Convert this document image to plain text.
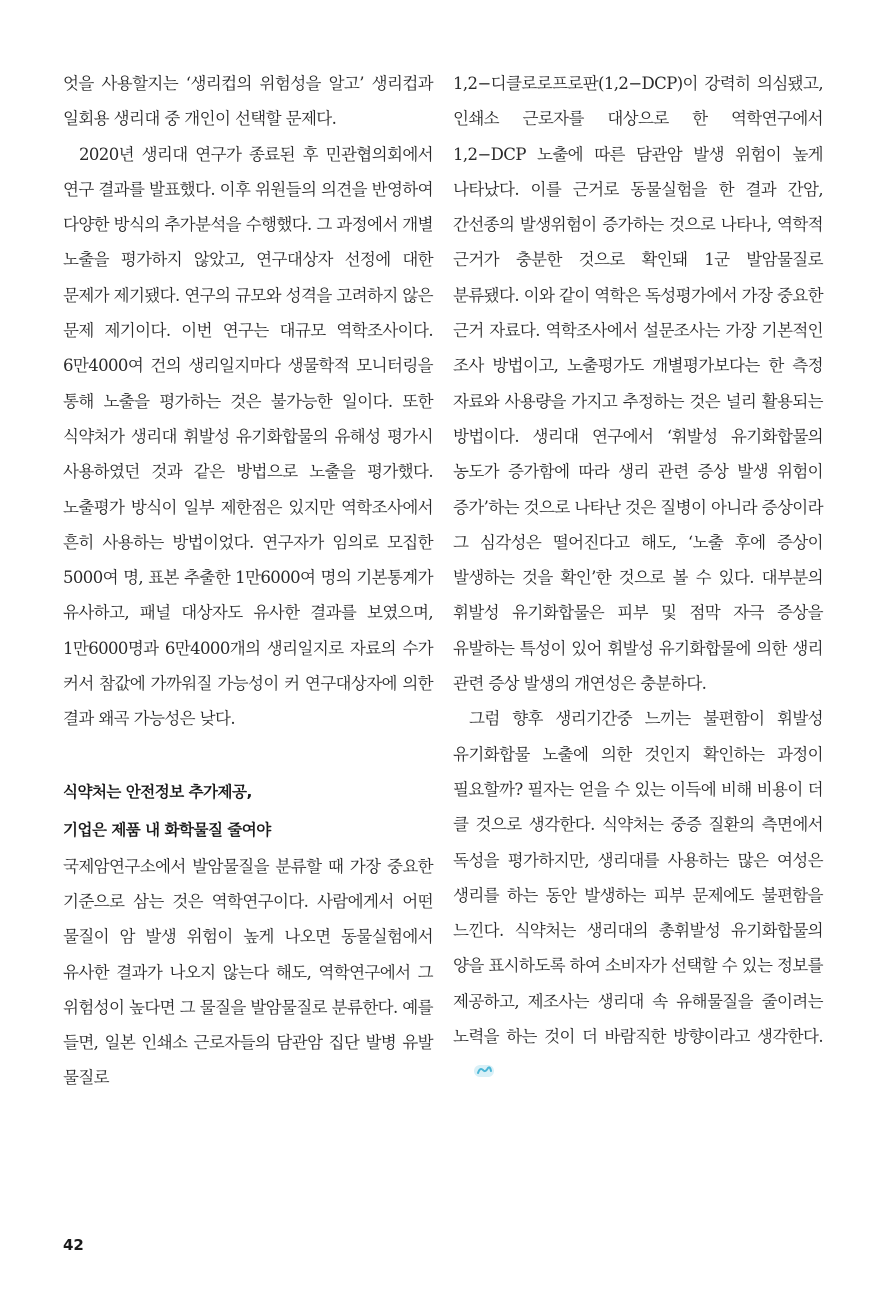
엇을 사용할지는 ‘생리컵의 위험성을 알고’ 생리컵과 일회용 생리대 중 개인이 선택할 문제다.

2020년 생리대 연구가 종료된 후 민관협의회에서 연구 결과를 발표했다. 이후 위원들의 의견을 반영하여 다양한 방식의 추가분석을 수행했다. 그 과정에서 개별 노출을 평가하지 않았고, 연구대상자 선정에 대한 문제가 제기됐다. 연구의 규모와 성격을 고려하지 않은 문제 제기이다. 이번 연구는 대규모 역학조사이다. 6만4000여 건의 생리일지마다 생물학적 모니터링을 통해 노출을 평가하는 것은 불가능한 일이다. 또한 식약처가 생리대 휘발성 유기화합물의 유해성 평가시 사용하였던 것과 같은 방법으로 노출을 평가했다. 노출평가 방식이 일부 제한점은 있지만 역학조사에서 흔히 사용하는 방법이었다. 연구자가 임의로 모집한 5000여 명, 표본 추출한 1만6000여 명의 기본통계가 유사하고, 패널 대상자도 유사한 결과를 보였으며, 1만6000명과 6만4000개의 생리일지로 자료의 수가 커서 참값에 가까워질 가능성이 커 연구대상자에 의한 결과 왜곡 가능성은 낮다.

식약처는 안전정보 추가제공,

기업은 제품 내 화학물질 줄여야

국제암연구소에서 발암물질을 분류할 때 가장 중요한 기준으로 삼는 것은 역학연구이다. 사람에게서 어떤 물질이 암 발생 위험이 높게 나오면 동물실험에서 유사한 결과가 나오지 않는다 해도, 역학연구에서 그 위험성이 높다면 그 물질을 발암물질로 분류한다. 예를 들면, 일본 인쇄소 근로자들의 담관암 집단 발병 유발 물질로

1,2−디클로로프로판(1,2−DCP)이 강력히 의심됐고, 인쇄소 근로자를 대상으로 한 역학연구에서 1,2−DCP 노출에 따른 담관암 발생 위험이 높게 나타났다. 이를 근거로 동물실험을 한 결과 간암, 간선종의 발생위험이 증가하는 것으로 나타나, 역학적 근거가 충분한 것으로 확인돼 1군 발암물질로 분류됐다. 이와 같이 역학은 독성평가에서 가장 중요한 근거 자료다. 역학조사에서 설문조사는 가장 기본적인 조사 방법이고, 노출평가도 개별평가보다는 한 측정 자료와 사용량을 가지고 추정하는 것은 널리 활용되는 방법이다. 생리대 연구에서 ‘휘발성 유기화합물의 농도가 증가함에 따라 생리 관련 증상 발생 위험이 증가’하는 것으로 나타난 것은 질병이 아니라 증상이라 그 심각성은 떨어진다고 해도, ‘노출 후에 증상이 발생하는 것을 확인’한 것으로 볼 수 있다. 대부분의 휘발성 유기화합물은 피부 및 점막 자극 증상을 유발하는 특성이 있어 휘발성 유기화합물에 의한 생리 관련 증상 발생의 개연성은 충분하다.

그럼 향후 생리기간중 느끼는 불편함이 휘발성 유기화합물 노출에 의한 것인지 확인하는 과정이 필요할까? 필자는 얻을 수 있는 이득에 비해 비용이 더 클 것으로 생각한다. 식약처는 중증 질환의 측면에서 독성을 평가하지만, 생리대를 사용하는 많은 여성은 생리를 하는 동안 발생하는 피부 문제에도 불편함을 느낀다. 식약처는 생리대의 총휘발성 유기화합물의 양을 표시하도록 하여 소비자가 선택할 수 있는 정보를 제공하고, 제조사는 생리대 속 유해물질을 줄이려는 노력을 하는 것이 더 바람직한 방향이라고 생각한다.

42
